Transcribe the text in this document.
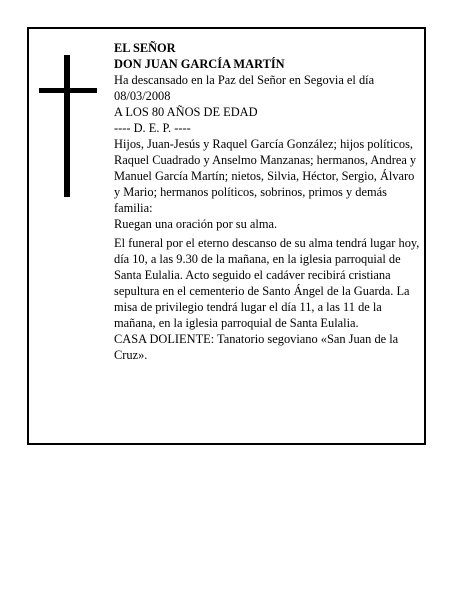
EL SEÑOR

DON JUAN GARCÍA MARTÍN

Ha descansado en la Paz del Señor en Segovia el día 08/03/2008

A LOS 80 AÑOS DE EDAD

---- D. E. P. ----

Hijos, Juan-Jesús y Raquel García González; hijos políticos, Raquel Cuadrado y Anselmo Manzanas; hermanos, Andrea y Manuel García Martín; nietos, Silvia, Héctor, Sergio, Álvaro y Mario; hermanos políticos, sobrinos, primos y demás familia:

Ruegan una oración por su alma.

El funeral por el eterno descanso de su alma tendrá lugar hoy, día 10, a las 9.30 de la mañana, en la iglesia parroquial de Santa Eulalia. Acto seguido el cadáver recibirá cristiana sepultura en el cementerio de Santo Ángel de la Guarda. La misa de privilegio tendrá lugar el día 11, a las 11 de la mañana, en la iglesia parroquial de Santa Eulalia.

CASA DOLIENTE: Tanatorio segoviano «San Juan de la Cruz».
